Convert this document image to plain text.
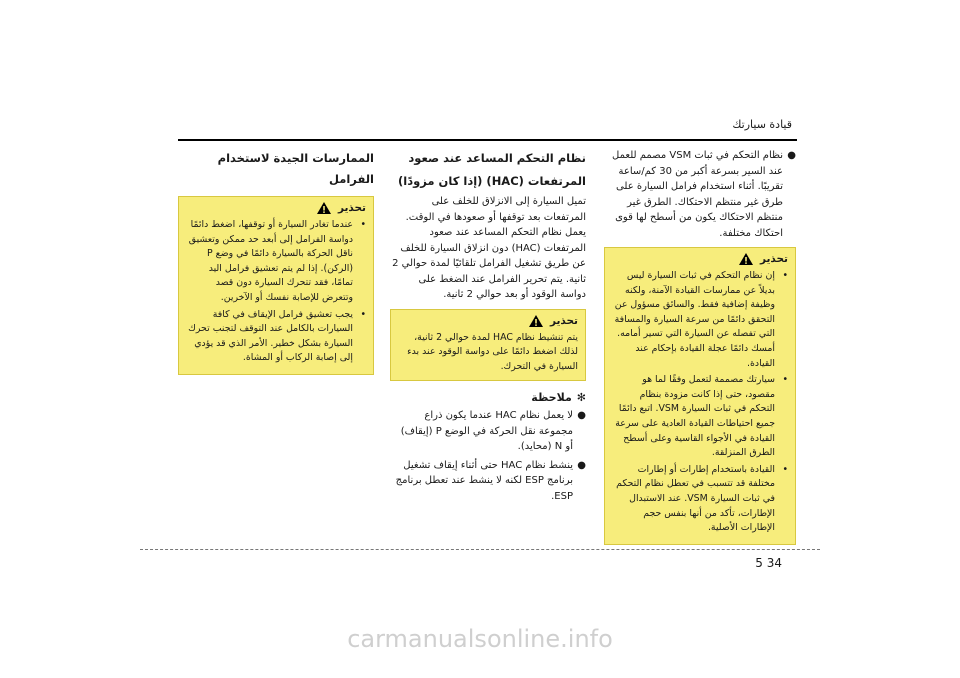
قيادة سيارتك
●
نظام التحكم في ثبات VSM مصمم للعمل عند السير بسرعة أكبر من 30 كم/ساعة تقريبًا. أثناء استخدام فرامل السيارة على طرق غير منتظم الاحتكاك. الطرق غير منتظم الاحتكاك يكون من أسطح لها قوى احتكاك مختلفة.
تحذير
•
إن نظام التحكم في ثبات السيارة ليس بديلاً عن ممارسات القيادة الآمنة، ولكنه وظيفة إضافية فقط. والسائق مسؤول عن التحقق دائمًا من سرعة السيارة والمسافة التي تفصله عن السيارة التي تسير أمامه. أمسك دائمًا عجلة القيادة بإحكام عند القيادة.
•
سيارتك مصممة لتعمل وفقًا لما هو مقصود، حتى إذا كانت مزودة بنظام التحكم في ثبات السيارة VSM. اتبع دائمًا جميع احتياطات القيادة العادية على سرعة القيادة في الأجواء القاسية وعلى أسطح الطرق المنزلقة.
•
القيادة باستخدام إطارات أو إطارات مختلفة قد تتسبب في تعطل نظام التحكم في ثبات السيارة VSM. عند الاستبدال الإطارات، تأكد من أنها بنفس حجم الإطارات الأصلية.
نظام التحكم المساعد عند صعود
المرتفعات (HAC) (إذا كان مزودًا)

تميل السيارة إلى الانزلاق للخلف على المرتفعات بعد توقفها أو صعودها في الوقت. يعمل نظام التحكم المساعد عند صعود المرتفعات (HAC) دون انزلاق السيارة للخلف عن طريق تشغيل الفرامل تلقائيًا لمدة حوالي 2 ثانية. يتم تحرير الفرامل عند الضغط على دواسة الوقود أو بعد حوالي 2 ثانية.

تحذير

يتم تنشيط نظام HAC لمدة حوالي 2 ثانية، لذلك اضغط دائمًا على دواسة الوقود عند بدء السيارة في التحرك.

✻
ملاحظة
●
لا يعمل نظام HAC عندما يكون ذراع مجموعة نقل الحركة في الوضع P (إيقاف) أو N (محايد).
●
ينشط نظام HAC حتى أثناء إيقاف تشغيل برنامج ESP لكنه لا ينشط عند تعطل برنامج ESP.
الممارسات الجيدة لاستخدام الفرامل
تحذير
•
عندما تغادر السيارة أو توقفها، اضغط دائمًا دواسة الفرامل إلى أبعد حد ممكن وتعشيق ناقل الحركة بالسيارة دائمًا في وضع P (الركن). إذا لم يتم تعشيق فرامل اليد تمامًا، فقد تتحرك السيارة دون قصد وتتعرض للإصابة نفسك أو الآخرين.
•
يجب تعشيق فرامل الإيقاف في كافة السيارات بالكامل عند التوقف لتجنب تحرك السيارة بشكل خطير. الأمر الذي قد يؤدي إلى إصابة الركاب أو المشاة.
5 34
carmanualsonline.info
